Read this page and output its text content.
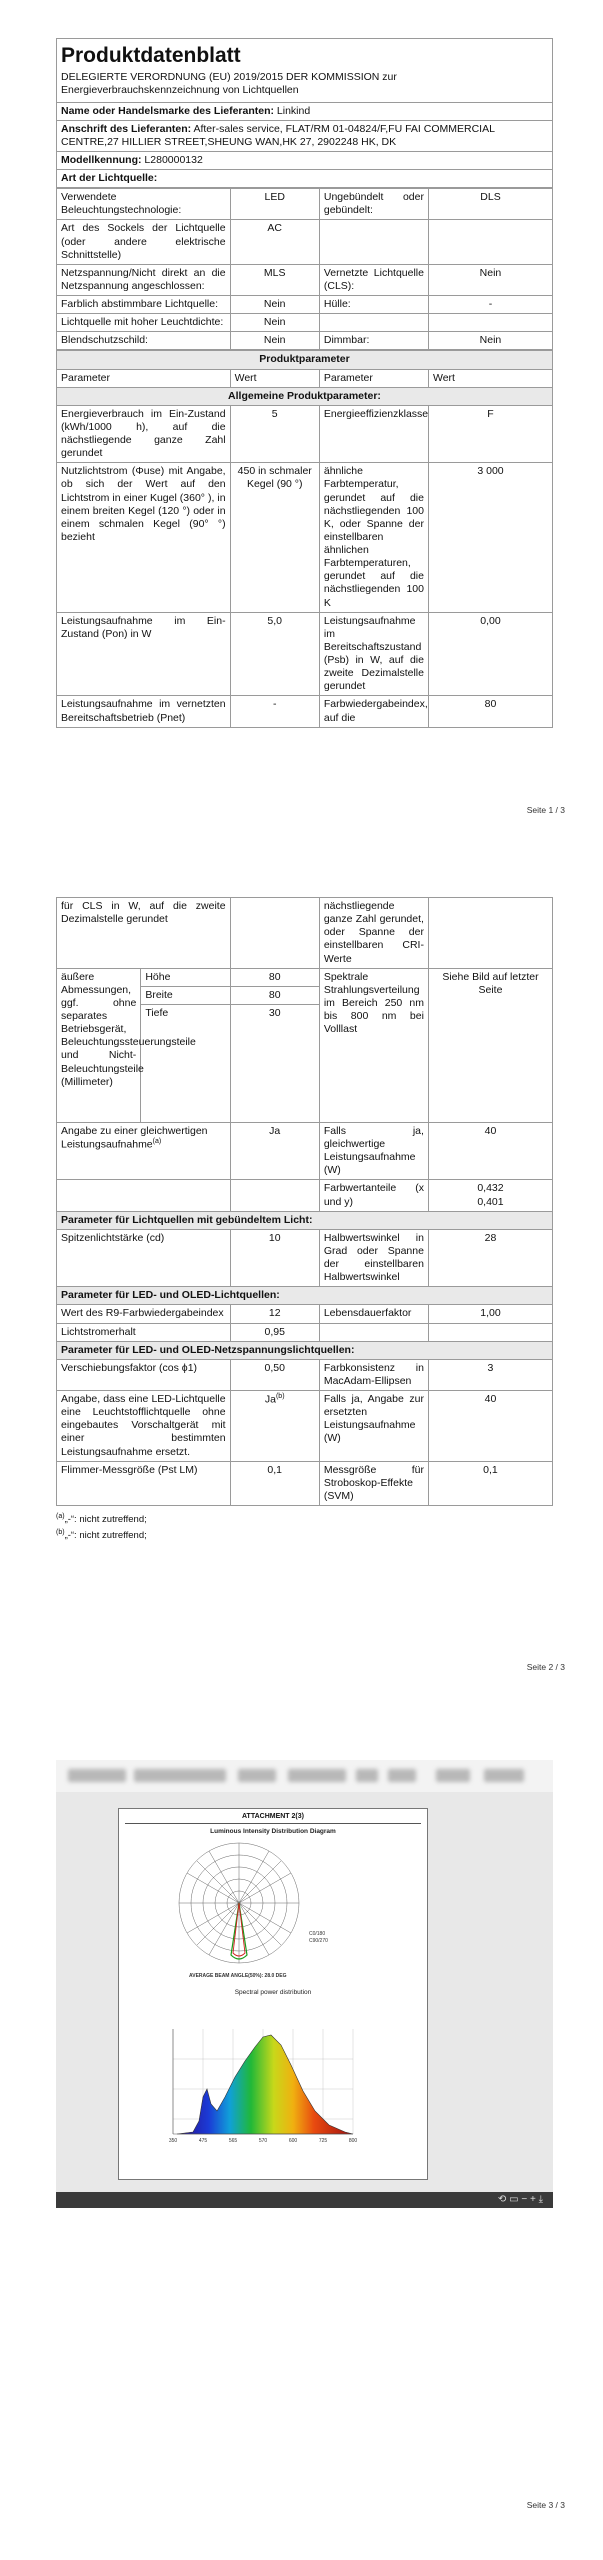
Produktdatenblatt
DELEGIERTE VERORDNUNG (EU) 2019/2015 DER KOMMISSION zur Energieverbrauchskennzeichnung von Lichtquellen
Name oder Handelsmarke des Lieferanten: Linkind
Anschrift des Lieferanten: After-sales service, FLAT/RM 01-04824/F,FU FAI COMMERCIAL CENTRE,27 HILLIER STREET,SHEUNG WAN,HK 27, 2902248 HK, DK
Modellkennung: L280000132
Art der Lichtquelle:
Verwendete Beleuchtungstechnologie:	LED	Ungebündelt oder gebündelt:	DLS
Art des Sockels der Lichtquelle (oder andere elektrische Schnittstelle)	AC		
Netzspannung/Nicht direkt an die Netzspannung angeschlossen:	MLS	Vernetzte Lichtquelle (CLS):	Nein
Farblich abstimmbare Lichtquelle:	Nein	Hülle:	-
Lichtquelle mit hoher Leuchtdichte:	Nein		
Blendschutzschild:	Nein	Dimmbar:	Nein
Produktparameter			
Parameter	Wert	Parameter	Wert
Allgemeine Produktparameter:			
Energieverbrauch im Ein-Zustand (kWh/1000 h), auf die nächstliegende ganze Zahl gerundet	5	Energieeffizienzklasse	F
Nutzlichtstrom (Φuse) mit Angabe, ob sich der Wert auf den Lichtstrom in einer Kugel (360° ), in einem breiten Kegel (120 °) oder in einem schmalen Kegel (90° °) bezieht	450 in schmaler Kegel (90 °)	ähnliche Farbtemperatur, gerundet auf die nächstliegenden 100 K, oder Spanne der einstellbaren ähnlichen Farbtemperaturen, gerundet auf die nächstliegenden 100 K	3 000
Leistungsaufnahme im Ein-Zustand (Pon) in W	5,0	Leistungsaufnahme im Bereitschaftszustand (Psb) in W, auf die zweite Dezimalstelle gerundet	0,00
Leistungsaufnahme im vernetzten Bereitschaftsbetrieb (Pnet)	-	Farbwiedergabeindex, auf die	80
Seite 1 / 3
für CLS in W, auf die zweite Dezimalstelle gerundet			nächstliegende ganze Zahl gerundet, oder Spanne der einstellbaren CRI-Werte	
äußere Abmessungen, ggf. ohne separates Betriebsgerät, Beleuchtungssteuerungsteile und Nicht-Beleuchtungsteile (Millimeter)	Höhe	80	Spektrale Strahlungsverteilung im Bereich 250 nm bis 800 nm bei Volllast	Siehe Bild auf letzter Seite
	Breite	80		
	Tiefe	30		
Angabe zu einer gleichwertigen Leistungsaufnahme$^{(a)}$		Ja	Falls ja, gleichwertige Leistungsaufnahme (W)	40
			Farbwertanteile (x und y)	0,432
0,401

Parameter für Lichtquellen mit gebündeltem Licht:				
Spitzenlichtstärke (cd)		10	Halbwertswinkel in Grad oder Spanne der einstellbaren Halbwertswinkel	28
Parameter für LED- und OLED-Lichtquellen:				
Wert des R9-Farbwiedergabeindex		12	Lebensdauerfaktor	1,00
Lichtstromerhalt		0,95		
Parameter für LED- und OLED-Netzspannungslichtquellen:				
Verschiebungsfaktor (cos ϕ1)		0,50	Farbkonsistenz in MacAdam-Ellipsen	3
Angabe, dass eine LED-Lichtquelle eine Leuchtstofflichtquelle ohne eingebautes Vorschaltgerät mit einer bestimmten Leistungsaufnahme ersetzt.		Ja$^{(b)}$	Falls ja, Angabe zur ersetzten Leistungsaufnahme (W)	40
Flimmer-Messgröße (Pst LM)		0,1	Messgröße für Stroboskop-Effekte (SVM)	0,1
$^{(a)}$„-“: nicht zutreffend;
$^{(b)}$„-“: nicht zutreffend;
Seite 2 / 3
ATTACHMENT 2(3)
Luminous Intensity Distribution Diagram
C0/180
C90/270
AVERAGE BEAM ANGLE(50%): 28.0 DEG
Spectral power distribution
350	475	565	570	600	725	800
⟲ ▭ − + ⤓
Seite 3 / 3
